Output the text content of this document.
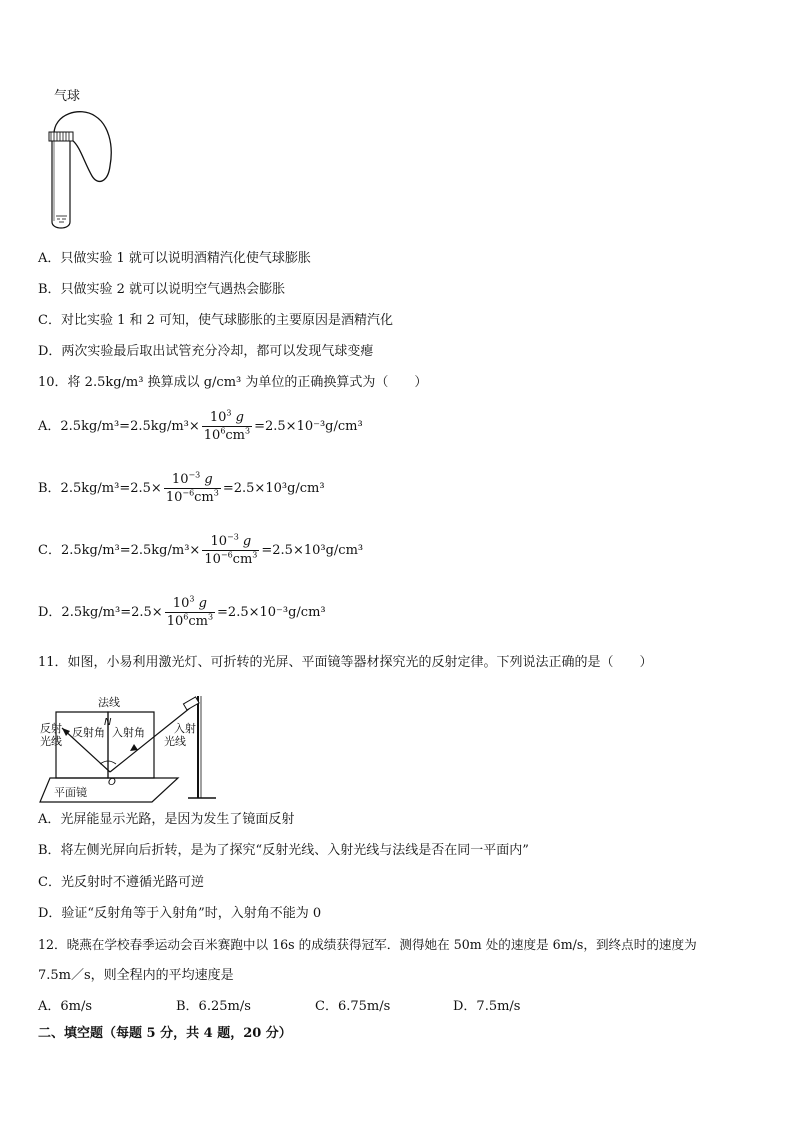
气球
A．只做实验 1 就可以说明酒精汽化使气球膨胀
B．只做实验 2 就可以说明空气遇热会膨胀
C．对比实验 1 和 2 可知，使气球膨胀的主要原因是酒精汽化
D．两次实验最后取出试管充分冷却，都可以发现气球变瘪
10．将 2.5kg/m³ 换算成以 g/cm³ 为单位的正确换算式为（　　）
A．$2.5kg/m^3=2.5kg/m^3\times \frac{10^3 g}{10^6cm^3} =2.5\times 10^{-3}g/cm^3$
B．$2.5kg/m^3=2.5\times \frac{10^{-3} g}{10^{-6}cm^3} =2.5\times 10^3g/cm^3$
C．$2.5kg/m^3=2.5kg/m^3\times \frac{10^{-3} g}{10^{-6}cm^3} =2.5\times 10^3g/cm^3$
D．$2.5kg/m^3=2.5\times \frac{10^3 g}{10^6cm^3} =2.5\times 10^{-3}g/cm^3$
11．如图，小易利用激光灯、可折转的光屏、平面镜等器材探究光的反射定律。下列说法正确的是（　　）
法线
反射
光线
N
反射角 入射角	入射
光线
O
平面镜
A．光屏能显示光路，是因为发生了镜面反射
B．将左侧光屏向后折转，是为了探究“反射光线、入射光线与法线是否在同一平面内”
C．光反射时不遵循光路可逆
D．验证“反射角等于入射角”时，入射角不能为 0
12．晓燕在学校春季运动会百米赛跑中以 16s 的成绩获得冠军．测得她在 50m 处的速度是 6m/s，到终点时的速度为
7.5m／s，则全程内的平均速度是
A．6m/s	B．6.25m/s	C．6.75m/s	D．7.5m/s
二、填空题（每题 5 分，共 4 题，20 分）
